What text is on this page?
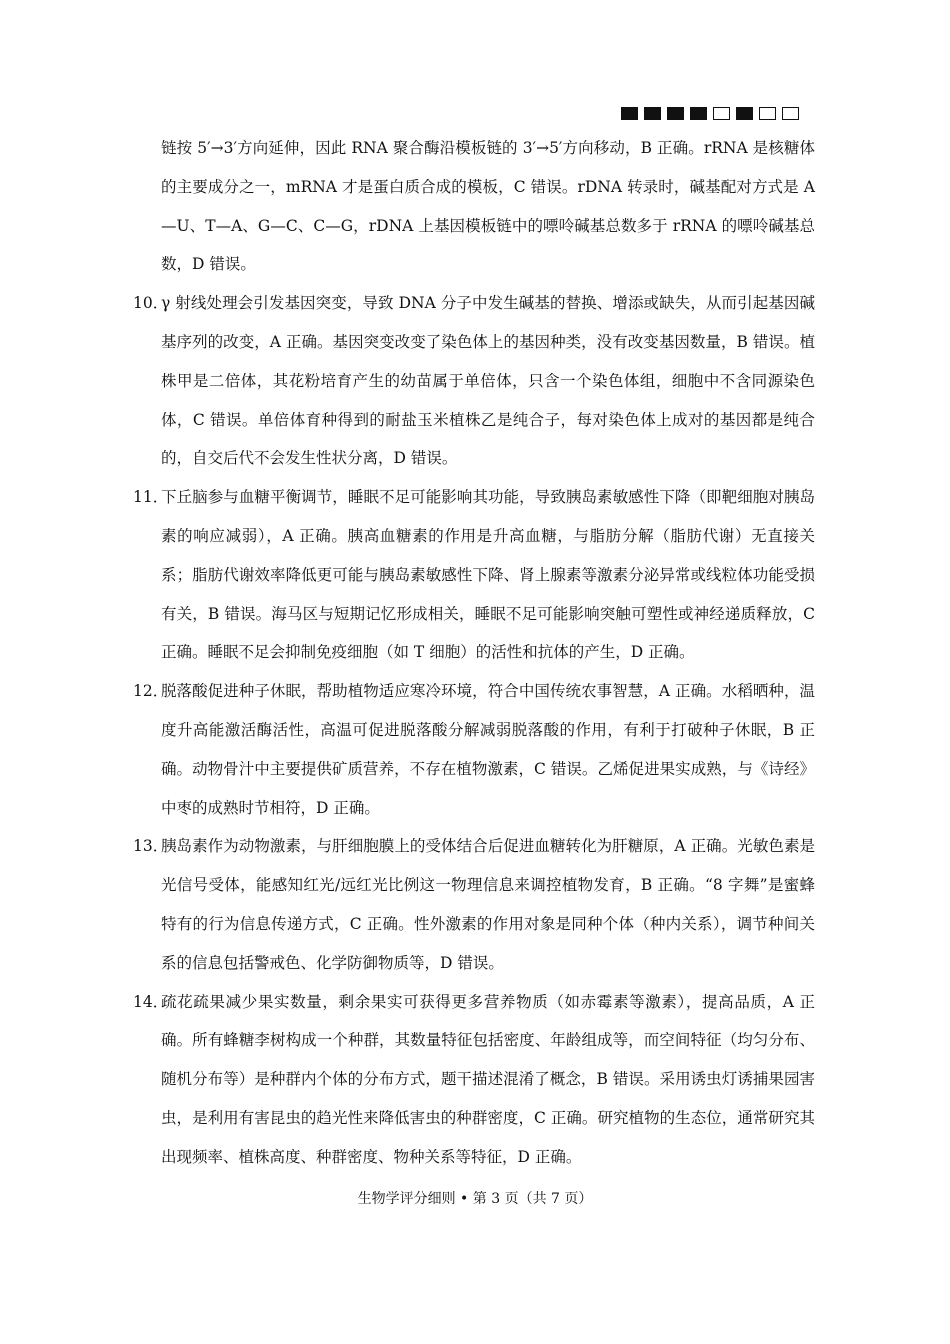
链按 5′→3′方向延伸，因此 RNA 聚合酶沿模板链的 3′→5′方向移动，B 正确。rRNA 是核糖体的主要成分之一，mRNA 才是蛋白质合成的模板，C 错误。rDNA 转录时，碱基配对方式是 A—U、T—A、G—C、C—G，rDNA 上基因模板链中的嘌呤碱基总数多于 rRNA 的嘌呤碱基总数，D 错误。

10．

γ 射线处理会引发基因突变，导致 DNA 分子中发生碱基的替换、增添或缺失，从而引起基因碱基序列的改变，A 正确。基因突变改变了染色体上的基因种类，没有改变基因数量，B 错误。植株甲是二倍体，其花粉培育产生的幼苗属于单倍体，只含一个染色体组，细胞中不含同源染色体，C 错误。单倍体育种得到的耐盐玉米植株乙是纯合子，每对染色体上成对的基因都是纯合的，自交后代不会发生性状分离，D 错误。

11．

下丘脑参与血糖平衡调节，睡眠不足可能影响其功能，导致胰岛素敏感性下降（即靶细胞对胰岛素的响应减弱），A 正确。胰高血糖素的作用是升高血糖，与脂肪分解（脂肪代谢）无直接关系；脂肪代谢效率降低更可能与胰岛素敏感性下降、肾上腺素等激素分泌异常或线粒体功能受损有关，B 错误。海马区与短期记忆形成相关，睡眠不足可能影响突触可塑性或神经递质释放，C 正确。睡眠不足会抑制免疫细胞（如 T 细胞）的活性和抗体的产生，D 正确。

12．

脱落酸促进种子休眠，帮助植物适应寒冷环境，符合中国传统农事智慧，A 正确。水稻晒种，温度升高能激活酶活性，高温可促进脱落酸分解减弱脱落酸的作用，有利于打破种子休眠，B 正确。动物骨汁中主要提供矿质营养，不存在植物激素，C 错误。乙烯促进果实成熟，与《诗经》中枣的成熟时节相符，D 正确。

13．

胰岛素作为动物激素，与肝细胞膜上的受体结合后促进血糖转化为肝糖原，A 正确。光敏色素是光信号受体，能感知红光/远红光比例这一物理信息来调控植物发育，B 正确。“8 字舞”是蜜蜂特有的行为信息传递方式，C 正确。性外激素的作用对象是同种个体（种内关系），调节种间关系的信息包括警戒色、化学防御物质等，D 错误。

14．

疏花疏果减少果实数量，剩余果实可获得更多营养物质（如赤霉素等激素），提高品质，A 正确。所有蜂糖李树构成一个种群，其数量特征包括密度、年龄组成等，而空间特征（均匀分布、随机分布等）是种群内个体的分布方式，题干描述混淆了概念，B 错误。采用诱虫灯诱捕果园害虫，是利用有害昆虫的趋光性来降低害虫的种群密度，C 正确。研究植物的生态位，通常研究其出现频率、植株高度、种群密度、物种关系等特征，D 正确。

生物学评分细则 • 第 3 页（共 7 页）
